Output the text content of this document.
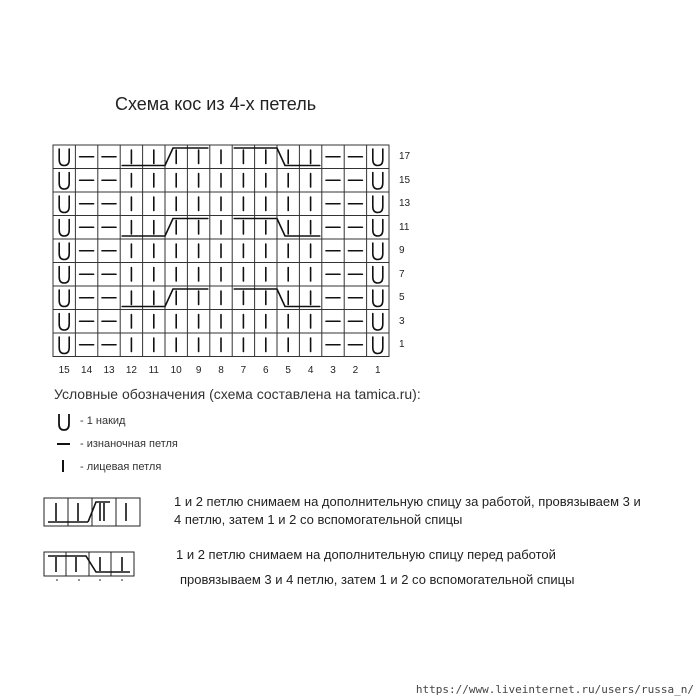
Схема кос из 4-х петель
17
15
13
11
9
7
5
3
1
15	14	13	12	11	10	9	8	7	6	5	4	3	2	1
Условные обозначения (схема составлена на tamica.ru):
- 1 накид
- изнаночная петля
- лицевая петля
1 и 2 петлю снимаем на дополнительную спицу за работой, провязываем 3 и
4 петлю, затем 1 и 2 со вспомогательной спицы
1 и 2 петлю снимаем на дополнительную спицу перед работой
провязываем 3 и 4 петлю, затем 1 и 2 со вспомогательной спицы
https://www.liveinternet.ru/users/russa_n/
